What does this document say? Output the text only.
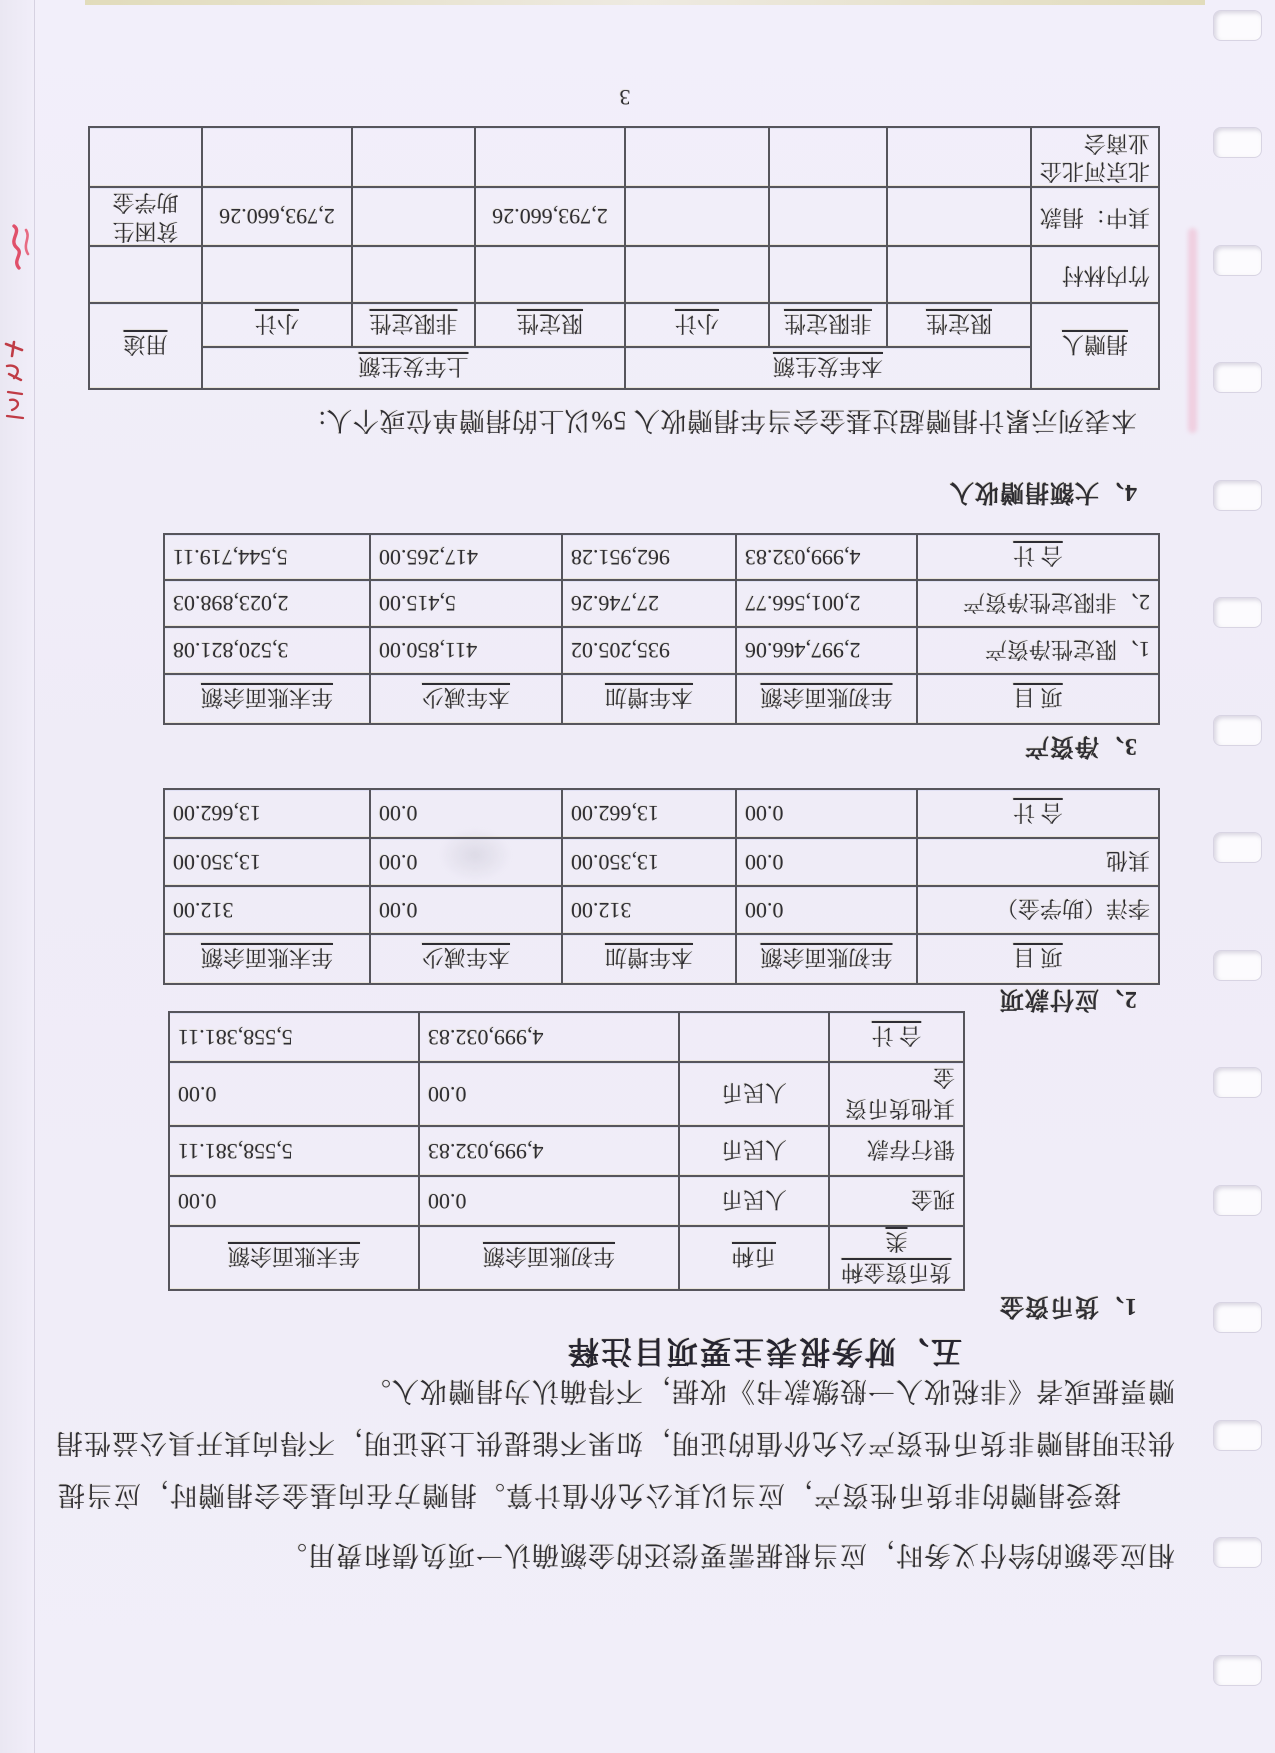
相应金额的给付义务时，应当根据需要偿还的金额确认一项负债和费用。
接受捐赠的非货币性资产，应当以其公允价值计算。捐赠方在向基金会捐赠时，应当提
供注明捐赠非货币性资产公允价值的证明，如果不能提供上述证明，不得向其开具公益性捐
赠票据或者《非税收入一般缴款书》收据，不得确认为捐赠收入。
五、财务报表主要项目注释
1、货币资金
货币资金种类	币种	年初账面余额	年末账面余额
现金	人民币	0.00	0.00
银行存款	人民币	4,999,032.83	5,558,381.11
其他货币资金	人民币	0.00	0.00
合 计		4,999,032.83	5,558,381.11
2、应付款项
项 目	年初账面余额	本年增加	本年减少	年末账面余额
李洋（助学金）	0.00	312.00	0.00	312.00
其他	0.00	13,350.00	0.00	13,350.00
合 计	0.00	13,662.00	0.00	13,662.00
3、净资产
项 目	年初账面余额	本年增加	本年减少	年末账面余额
1、限定性净资产	2,997,466.06	935,205.02	411,850.00	3,520,821.08
2、非限定性净资产	2,001,566.77	27,746.26	5,415.00	2,023,898.03
合 计	4,999,032.83	962,951.28	417,265.00	5,544,719.11
4、大额捐赠收入
本表列示累计捐赠超过基金会当年捐赠收入 5%以上的捐赠单位或个人:
捐赠人	本年发生额			上年发生额			用途
	限定性	非限定性	小计	限定性	非限定性	小计	
竹内林村							
其中：捐款				2,793,660.26		2,793,660.26	贫困生助学金

北京河北企业商会							
3
